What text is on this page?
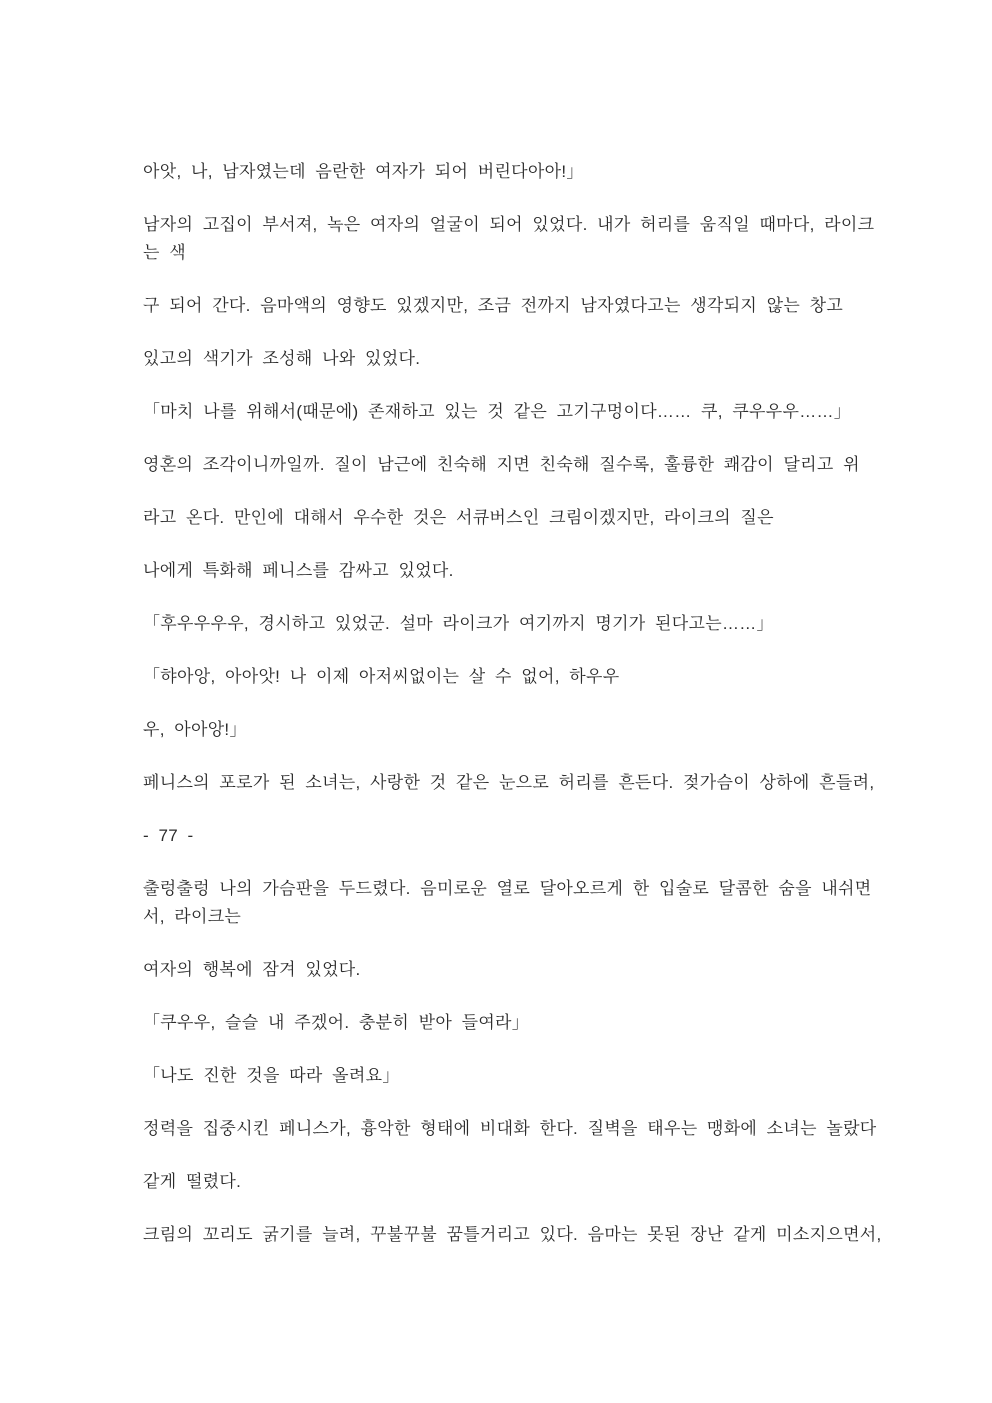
아앗, 나, 남자였는데 음란한 여자가 되어 버린다아아!」

남자의 고집이 부서져, 녹은 여자의 얼굴이 되어 있었다. 내가 허리를 움직일 때마다, 라이크
는 색

구 되어 간다. 음마액의 영향도 있겠지만, 조금 전까지 남자였다고는 생각되지 않는 창고

있고의 색기가 조성해 나와 있었다.

「마치 나를 위해서(때문에) 존재하고 있는 것 같은 고기구멍이다…… 쿠, 쿠우우우……」

영혼의 조각이니까일까. 질이 남근에 친숙해 지면 친숙해 질수록, 훌륭한 쾌감이 달리고 위

라고 온다. 만인에 대해서 우수한 것은 서큐버스인 크림이겠지만, 라이크의 질은

나에게 특화해 페니스를 감싸고 있었다.

「후우우우우, 경시하고 있었군. 설마 라이크가 여기까지 명기가 된다고는……」

「햐아앙, 아아앗! 나 이제 아저씨없이는 살 수 없어, 하우우

우, 아아앙!」

페니스의 포로가 된 소녀는, 사랑한 것 같은 눈으로 허리를 흔든다. 젖가슴이 상하에 흔들려,

- 77 -

출렁출렁 나의 가슴판을 두드렸다. 음미로운 열로 달아오르게 한 입술로 달콤한 숨을 내쉬면
서, 라이크는

여자의 행복에 잠겨 있었다.

「쿠우우, 슬슬 내 주겠어. 충분히 받아 들여라」

「나도 진한 것을 따라 올려요」

정력을 집중시킨 페니스가, 흉악한 형태에 비대화 한다. 질벽을 태우는 맹화에 소녀는 놀랐다

같게 떨렸다.

크림의 꼬리도 굵기를 늘려, 꾸불꾸불 꿈틀거리고 있다. 음마는 못된 장난 같게 미소지으면서,
